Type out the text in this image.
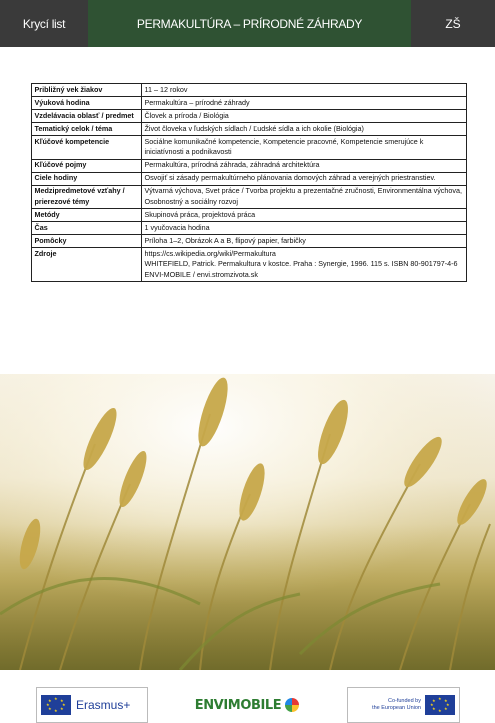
Krycí list	PERMAKULTÚRA – PRÍRODNÉ ZÁHRADY	ZŠ
Približný vek žiakov	11 – 12 rokov
Výuková hodina	Permakultúra – prírodné záhrady
Vzdelávacia oblasť / predmet	Človek a príroda / Biológia
Tematický celok / téma	Život človeka v ľudských sídlach / Ľudské sídla a ich okolie (Biológia)
Kľúčové kompetencie	Sociálne komunikačné kompetencie, Kompetencie pracovné, Kompetencie smerujúce k iniciatívnosti a podnikavosti
Kľúčové pojmy	Permakultúra, prírodná záhrada, záhradná architektúra
Ciele hodiny	Osvojiť si zásady permakultúrneho plánovania domových záhrad a verejných priestranstiev.
Medzipredmetové vzťahy / prierezové témy	Výtvarná výchova, Svet práce / Tvorba projektu a prezentačné zručnosti, Environmentálna výchova, Osobnostný a sociálny rozvoj
Metódy	Skupinová práca, projektová práca
Čas	1 vyučovacia hodina
Pomôcky	Príloha 1–2, Obrázok A a B, flipový papier, farbičky
Zdroje	https://cs.wikipedia.org/wiki/Permakultura
WHITEFIELD, Patrick. Permakultura v kostce. Praha : Synergie, 1996. 115 s. ISBN 80-901797-4-6
ENVI-MOBILE / envi.stromzivota.sk
★ ★
★
★
★
★
★
★ Erasmus+	ENVIMOBILE	Co-funded by
the European Union
★ ★
★
★
★
★
★
★
